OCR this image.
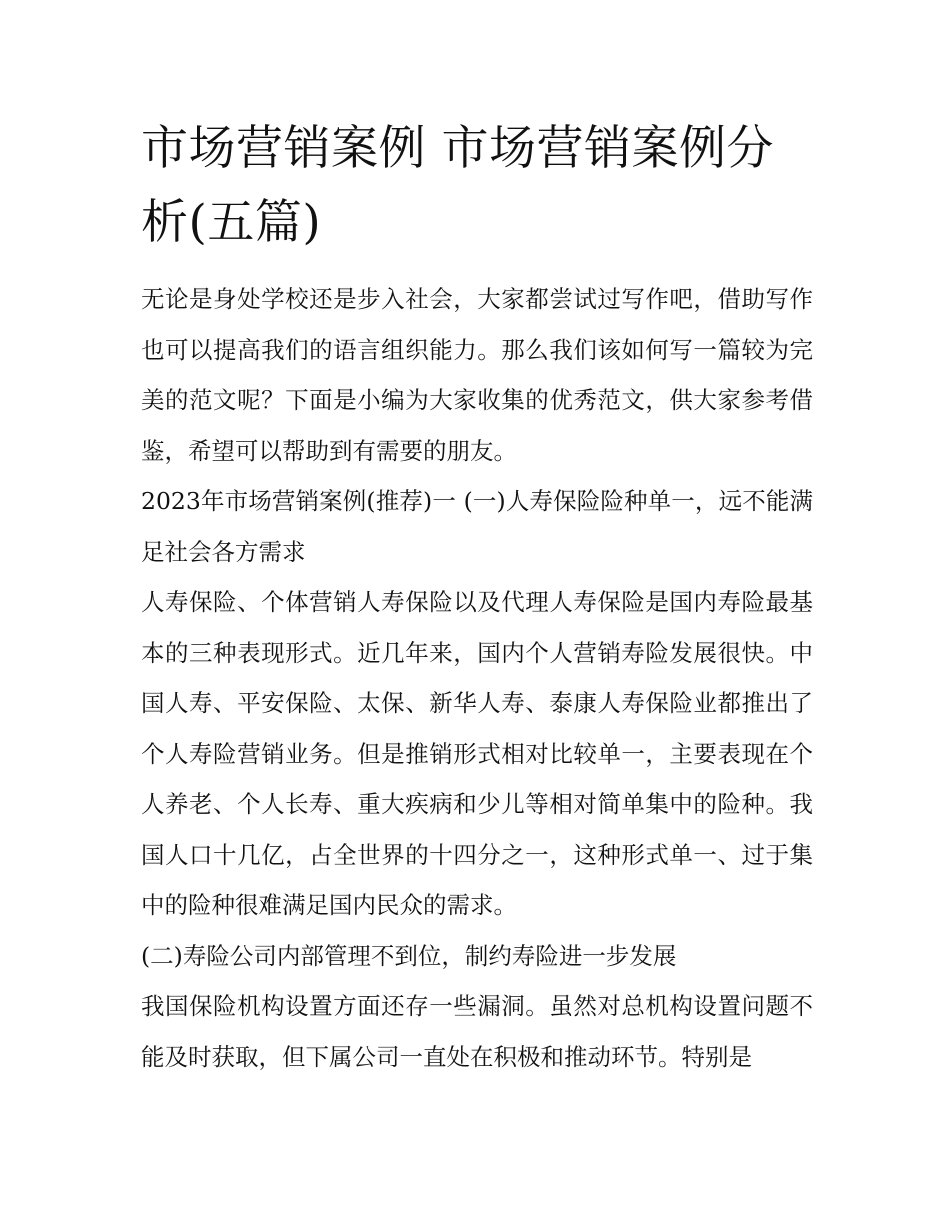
市场营销案例 市场营销案例分析(五篇)

无论是身处学校还是步入社会，大家都尝试过写作吧，借助写作也可以提高我们的语言组织能力。那么我们该如何写一篇较为完美的范文呢？下面是小编为大家收集的优秀范文，供大家参考借鉴，希望可以帮助到有需要的朋友。

2023年市场营销案例(推荐)一 (一)人寿保险险种单一，远不能满足社会各方需求

人寿保险、个体营销人寿保险以及代理人寿保险是国内寿险最基本的三种表现形式。近几年来，国内个人营销寿险发展很快。中国人寿、平安保险、太保、新华人寿、泰康人寿保险业都推出了个人寿险营销业务。但是推销形式相对比较单一，主要表现在个人养老、个人长寿、重大疾病和少儿等相对简单集中的险种。我国人口十几亿，占全世界的十四分之一，这种形式单一、过于集中的险种很难满足国内民众的需求。

(二)寿险公司内部管理不到位，制约寿险进一步发展

我国保险机构设置方面还存一些漏洞。虽然对总机构设置问题不能及时获取，但下属公司一直处在积极和推动环节。特别是
